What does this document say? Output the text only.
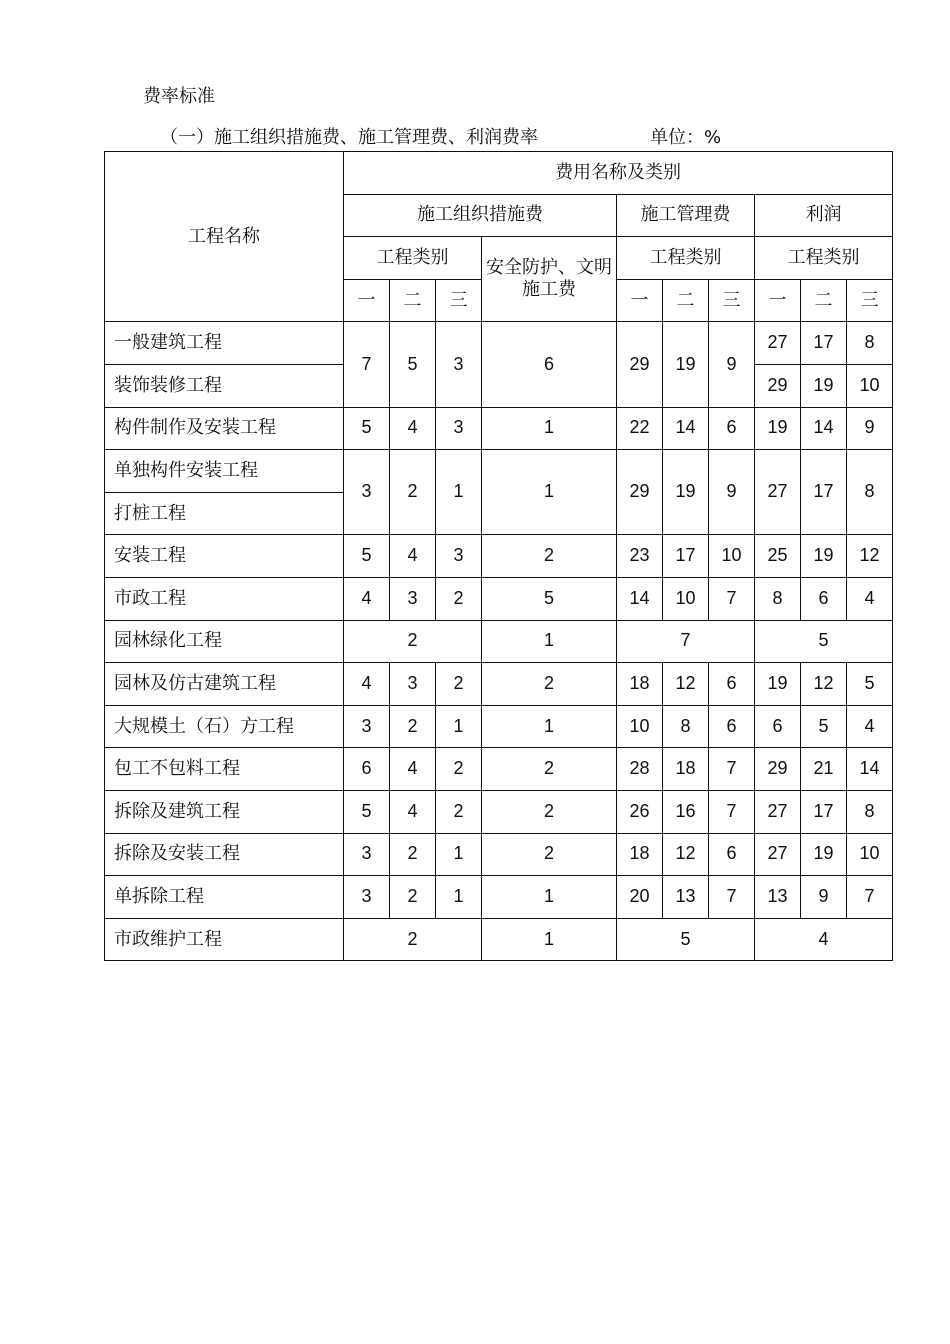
费率标准
（一）施工组织措施费、施工管理费、利润费率	单位：%
工程名称	费用名称及类别									
	施工组织措施费				施工管理费			利润		
	工程类别			安全防护、文明施工费	工程类别			工程类别		
	一	二	三		一	二	三	一	二	三
一般建筑工程	7	5	3	6	29	19	9	27	17	8
装饰装修工程								29	19	10
构件制作及安装工程	5	4	3	1	22	14	6	19	14	9
单独构件安装工程	3	2	1	1	29	19	9	27	17	8
打桩工程										
安装工程	5	4	3	2	23	17	10	25	19	12
市政工程	4	3	2	5	14	10	7	8	6	4
园林绿化工程	2			1	7			5		
园林及仿古建筑工程	4	3	2	2	18	12	6	19	12	5
大规模土（石）方工程	3	2	1	1	10	8	6	6	5	4
包工不包料工程	6	4	2	2	28	18	7	29	21	14
拆除及建筑工程	5	4	2	2	26	16	7	27	17	8
拆除及安装工程	3	2	1	2	18	12	6	27	19	10
单拆除工程	3	2	1	1	20	13	7	13	9	7
市政维护工程	2			1	5			4		
